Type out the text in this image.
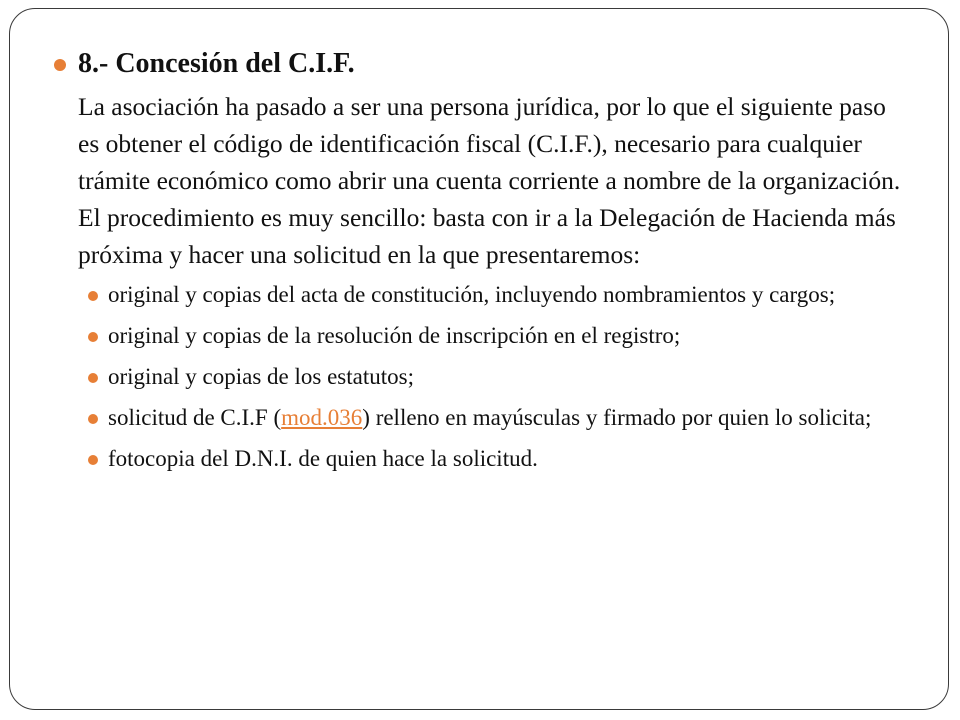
8.- Concesión del C.I.F.

La asociación ha pasado a ser una persona jurídica, por lo que el siguiente paso es obtener el código de identificación fiscal (C.I.F.), necesario para cualquier trámite económico como abrir una cuenta corriente a nombre de la organización. El procedimiento es muy sencillo: basta con ir a la Delegación de Hacienda más próxima y hacer una solicitud en la que presentaremos:

original y copias del acta de constitución, incluyendo nombramientos y cargos;
original y copias de la resolución de inscripción en el registro;
original y copias de los estatutos;
solicitud de C.I.F (mod.036) relleno en mayúsculas y firmado por quien lo solicita;
fotocopia del D.N.I. de quien hace la solicitud.
